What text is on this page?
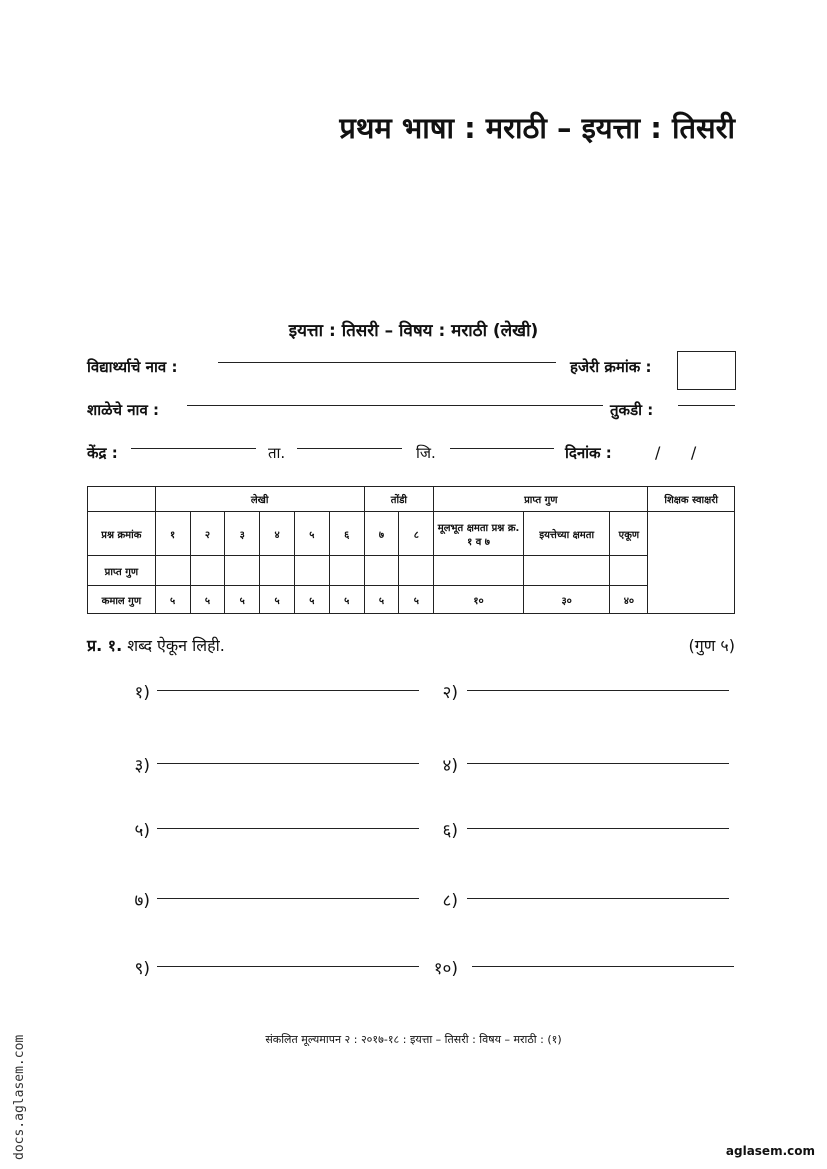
प्रथम भाषा : मराठी – इयत्ता : तिसरी
इयत्ता : तिसरी – विषय : मराठी (लेखी)
विद्यार्थ्याचे नाव :	हजेरी क्रमांक :
शाळेचे नाव :	तुकडी :
केंद्र :	ता.	जि.	दिनांक :	/      /
	लेखी						तोंडी		प्राप्त गुण			शिक्षक स्वाक्षरी
प्रश्न क्रमांक	१	२	३	४	५	६	७	८	मूलभूत क्षमता प्रश्न क्र. १ व ७	इयत्तेच्या क्षमता	एकूण	
प्राप्त गुण												
कमाल गुण	५	५	५	५	५	५	५	५	१०	३०	४०	
प्र. १. शब्द ऐकून लिही.	(गुण ५)
१)	२)
३)	४)
५)	६)
७)	८)
९)	१०)
संकलित मूल्यमापन २ : २०१७-१८ : इयत्ता – तिसरी : विषय – मराठी : (१)
docs.aglasem.com	aglasem.com
